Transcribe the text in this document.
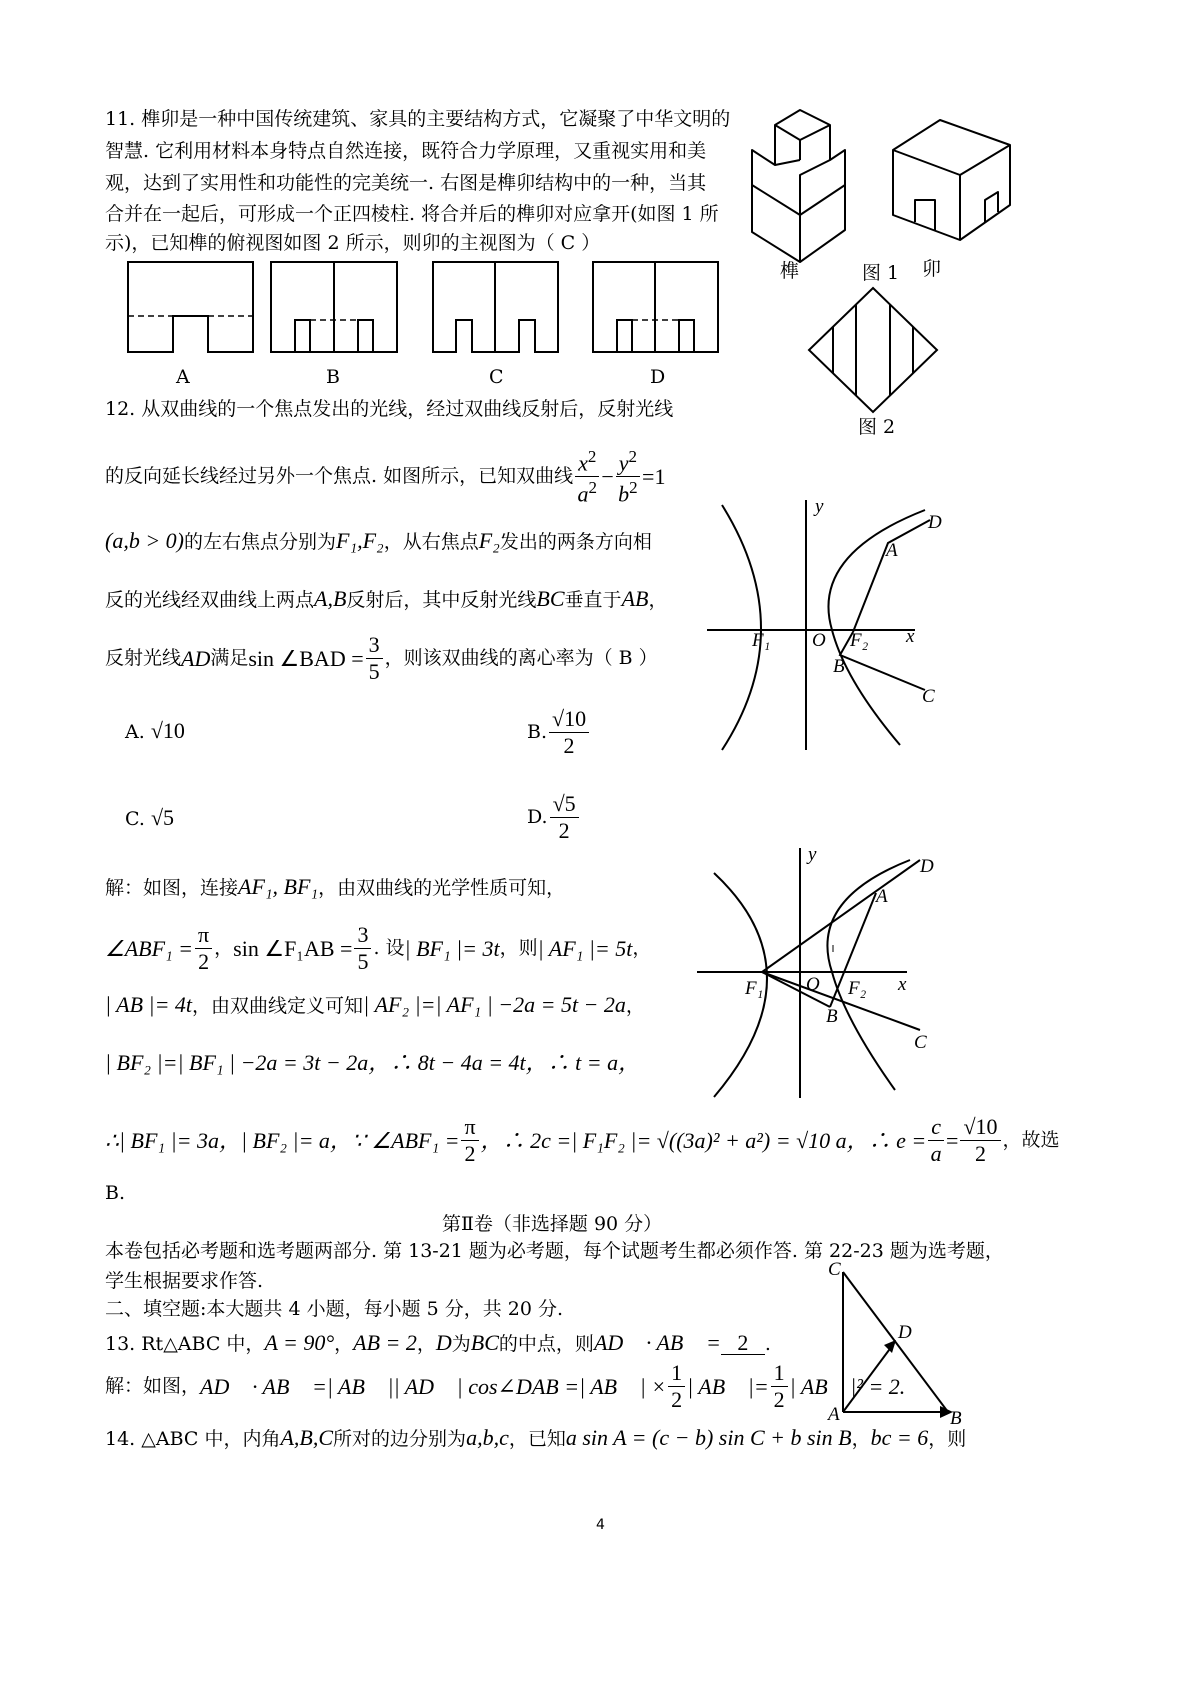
11. 榫卯是一种中国传统建筑、家具的主要结构方式，它凝聚了中华文明的
智慧. 它利用材料本身特点自然连接，既符合力学原理，又重视实用和美
观，达到了实用性和功能性的完美统一. 右图是榫卯结构中的一种，当其
合并在一起后，可形成一个正四棱柱. 将合并后的榫卯对应拿开(如图 1 所
示)，已知榫的俯视图如图 2 所示，则卯的主视图为（ C ）
A	B	C	D
榫	图 1 卯
图 2
12. 从双曲线的一个焦点发出的光线，经过双曲线反射后，反射光线
的反向延长线经过另外一个焦点. 如图所示，已知双曲线
$x^2$
$a^2 - \frac{y^2}{b^2} =1$
(a,b > 0)的左右焦点分别为F₁,F₂，从右焦点F₂发出的两条方向相
反的光线经双曲线上两点A,B反射后，其中反射光线BC垂直于AB，
反射光线 AD 满足 sin ∠BAD = $\frac{3}{5}$ ，则该双曲线的离心率为（ B ）
A. √10	B. $\frac{√10}{2}$
C. √5	D. $\frac{√5}{2}$
y
x
O
F₁	F₂
A
B
C
D
解：如图，连接AF₁, BF₁，由双曲线的光学性质可知，
∠ABF₁ = $\frac{\pi}{2}$ ， sin ∠F₁AB = $\frac{3}{5}$ . 设 | BF₁ |= 3t ，则 | AF₁ |= 5t ，
| AB |= 4t，由双曲线定义可知| AF₂ |=| AF₁ | −2a = 5t − 2a，
| BF₂ |=| BF₁ | −2a = 3t − 2a，∴ 8t − 4a = 4t，∴ t = a，
y
x
O
F₁	F₂
A
B
C
D
∴| BF₁ |= 3a，| BF₂ |= a，∵ ∠ABF₁ = $\frac{\pi}{2}$ ，∴ 2c =| F₁F₂ |= √((3a)² + a²) = √10 a，∴ $e = \frac{c}{a} = \frac{√10}{2}$ ，故选
B.
第Ⅱ卷（非选择题 90 分）
本卷包括必考题和选考题两部分. 第 13-21 题为必考题，每个试题考生都必须作答. 第 22-23 题为选考题，
学生根据要求作答.
二、填空题:本大题共 4 小题，每小题 5 分，共 20 分.
13. Rt△ABC 中，A = 90°，AB = 2，D为BC的中点，则AD⃗ · AB⃗ = 2 .
解：如图， AD⃗ · AB⃗ =| AB⃗ || AD⃗ | cos∠DAB =| AB⃗ | × $\frac{1}{2}$ | AB⃗ |= $\frac{1}{2}$ | AB⃗ |² = 2.
C
D
A	B
14. △ABC 中，内角A,B,C所对的边分别为a,b,c，已知a sin A = (c − b) sin C + b sin B，bc = 6，则
4
